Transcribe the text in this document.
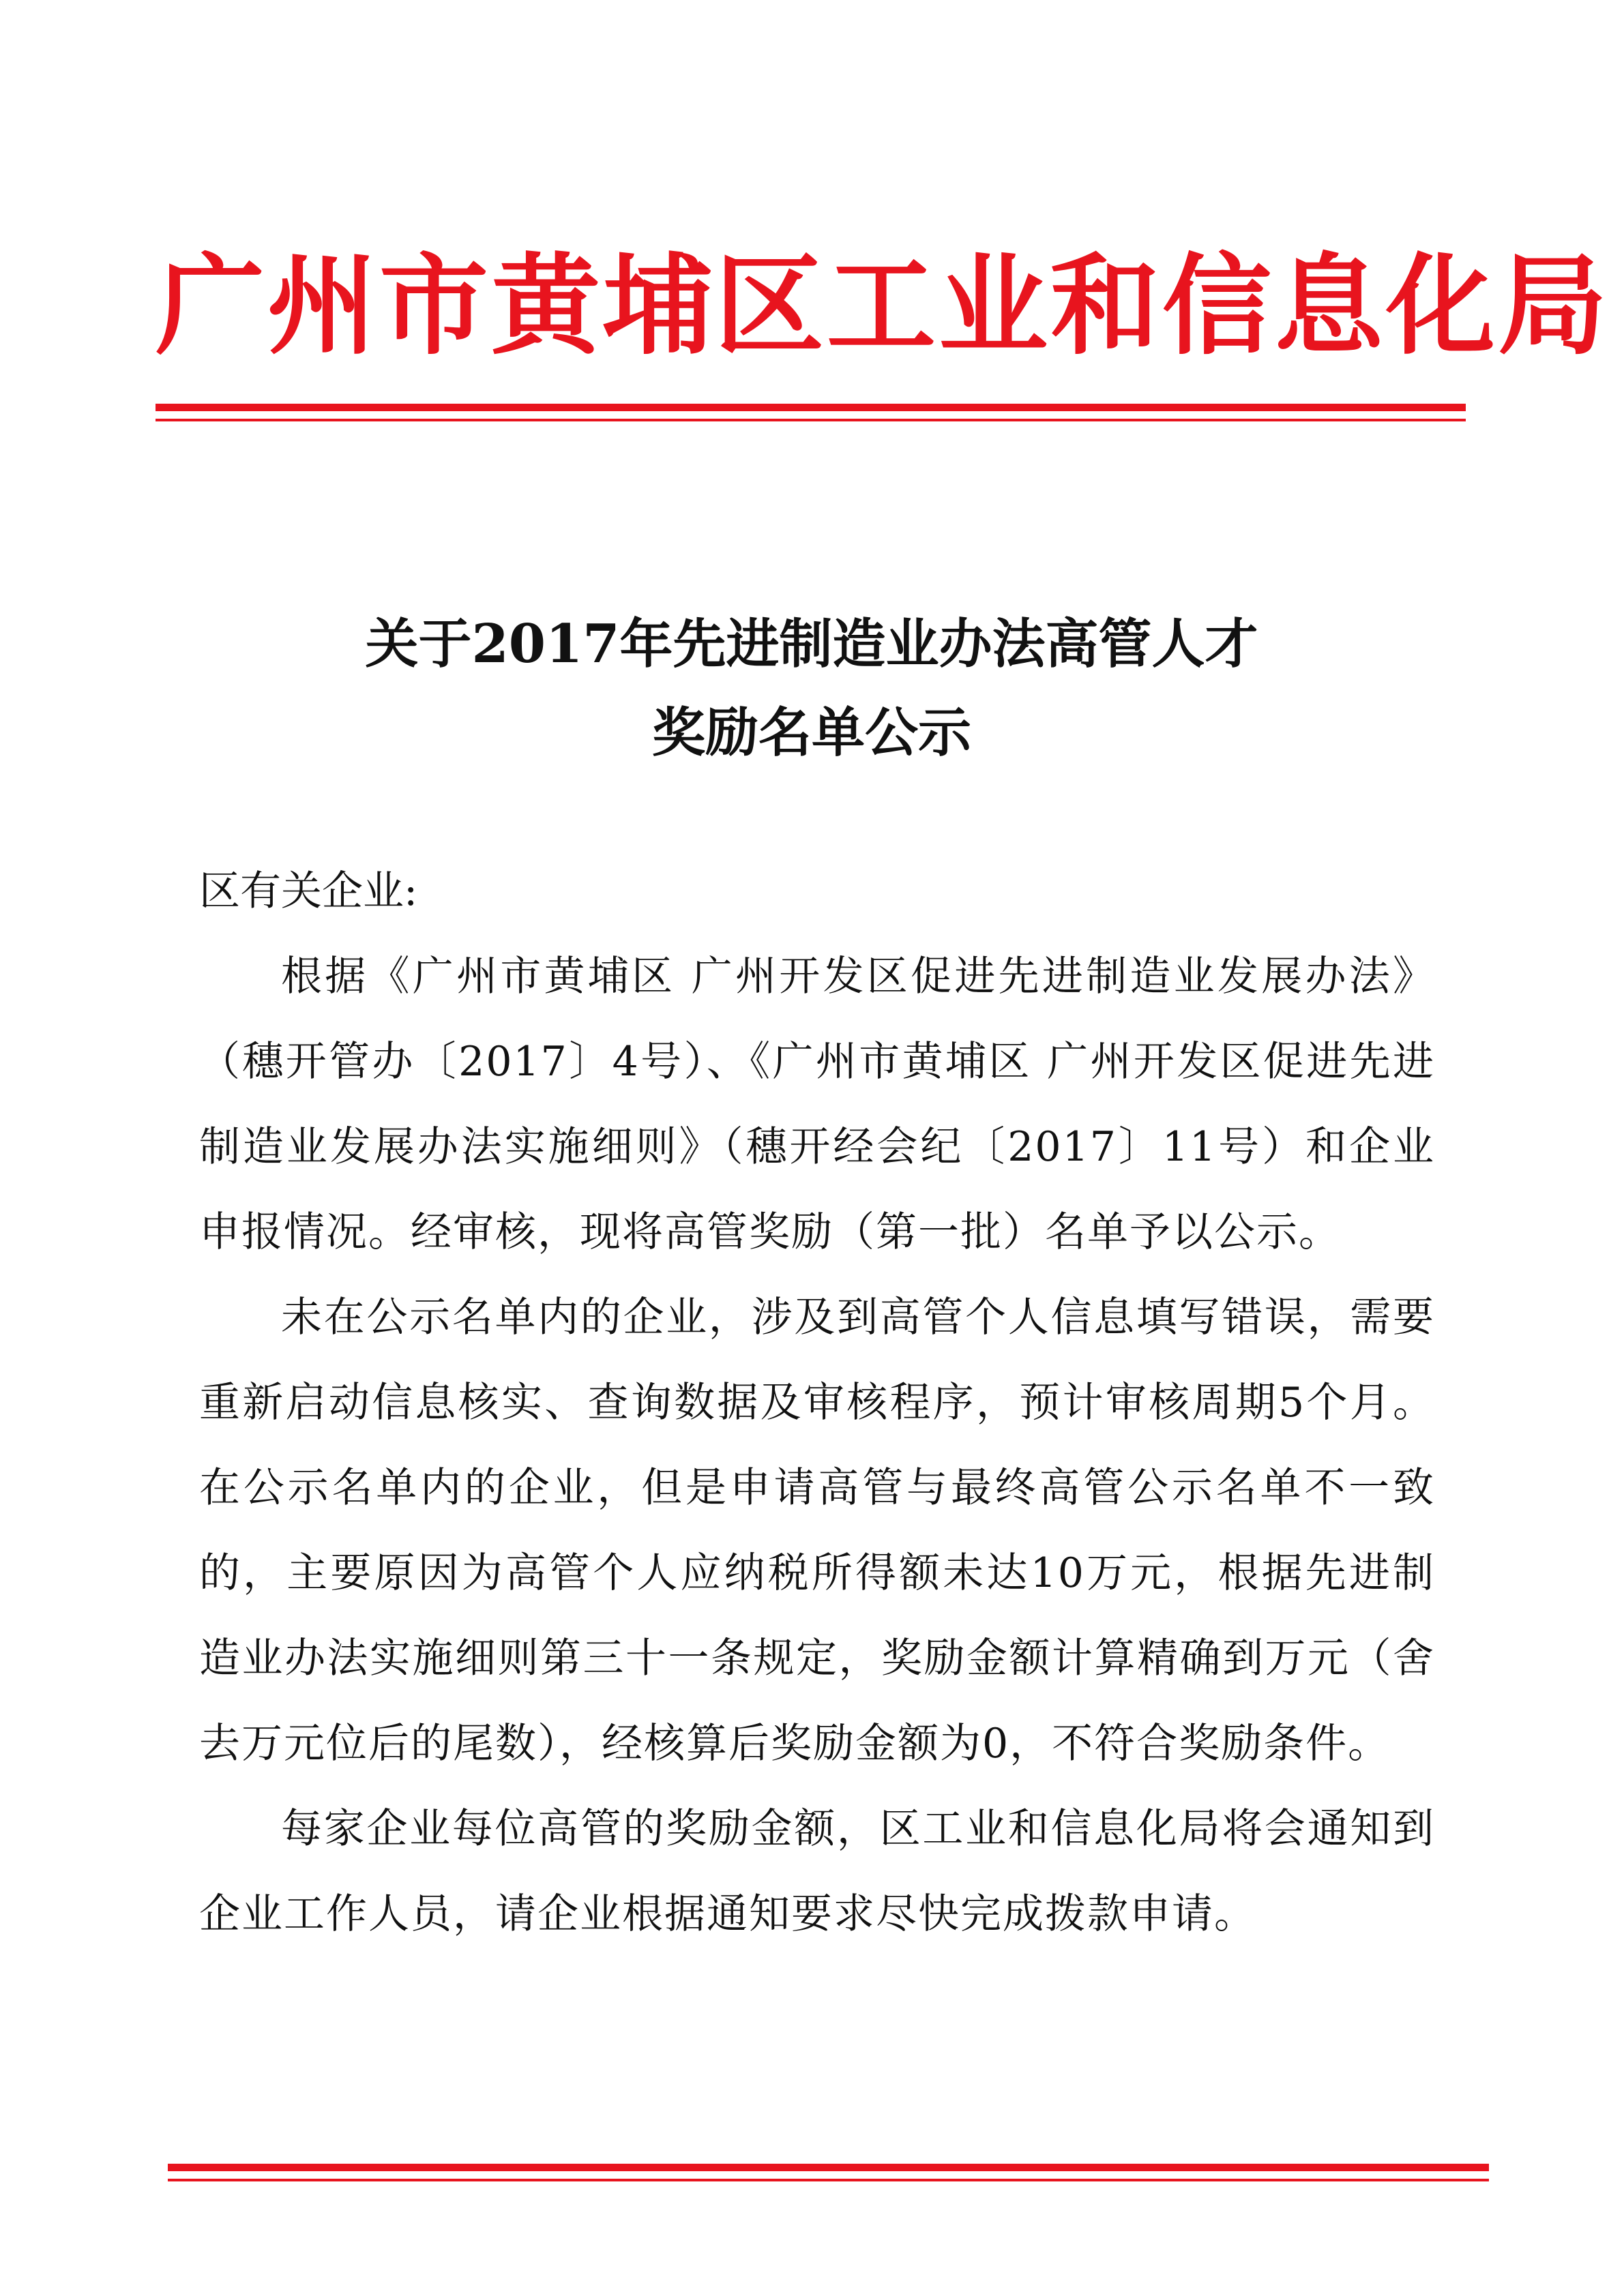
广州市黄埔区工业和信息化局
关于2017年先进制造业办法高管人才
奖励名单公示

区有关企业:

根据《广州市黄埔区 广州开发区促进先进制造业发展办法》（穗开管办〔2017〕4号）、《广州市黄埔区 广州开发区促进先进制造业发展办法实施细则》（穗开经会纪〔2017〕11号）和企业申报情况。经审核，现将高管奖励（第一批）名单予以公示。

未在公示名单内的企业，涉及到高管个人信息填写错误，需要重新启动信息核实、查询数据及审核程序，预计审核周期5个月。在公示名单内的企业，但是申请高管与最终高管公示名单不一致的，主要原因为高管个人应纳税所得额未达10万元，根据先进制造业办法实施细则第三十一条规定，奖励金额计算精确到万元（舍去万元位后的尾数），经核算后奖励金额为0，不符合奖励条件。

每家企业每位高管的奖励金额，区工业和信息化局将会通知到企业工作人员，请企业根据通知要求尽快完成拨款申请。
